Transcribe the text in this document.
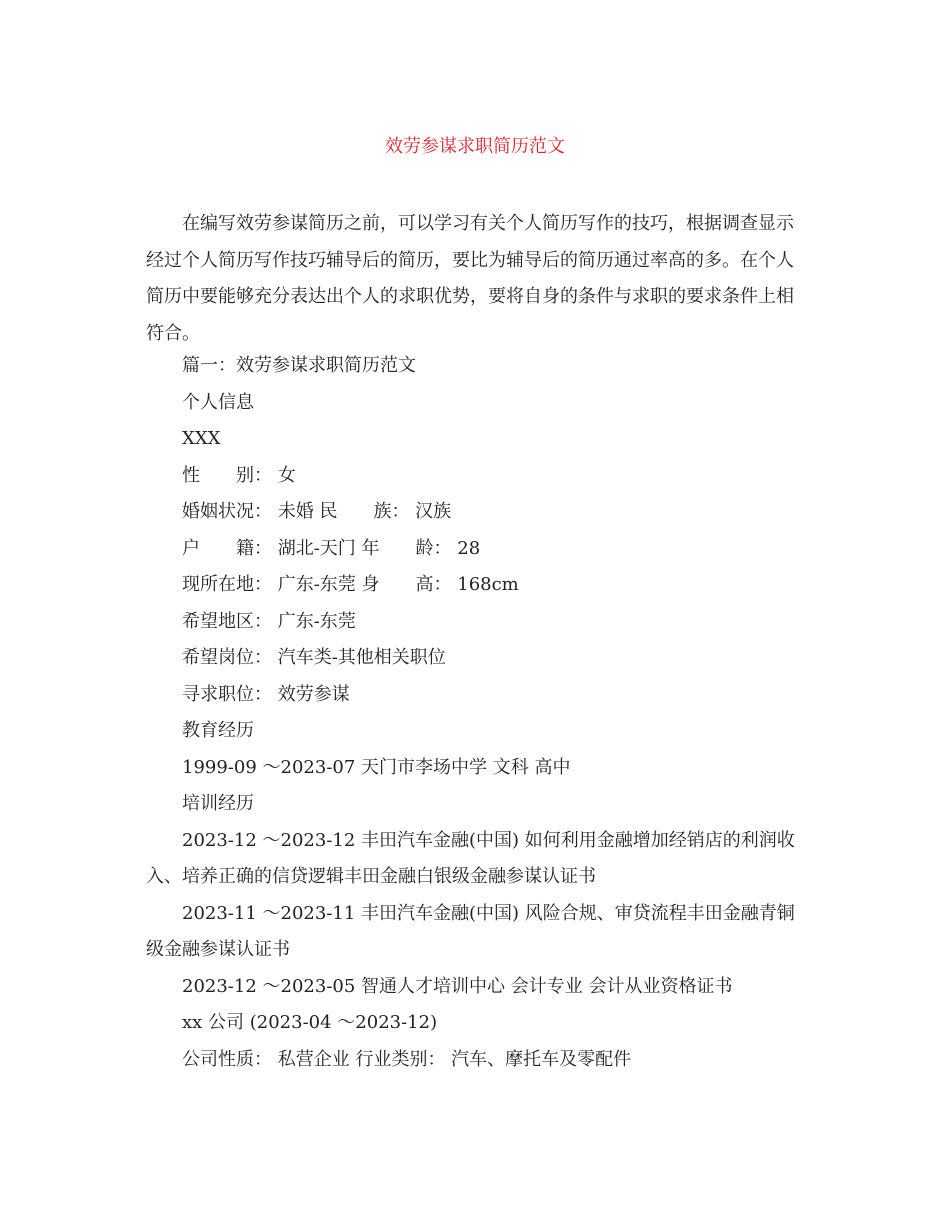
效劳参谋求职简历范文

在编写效劳参谋简历之前，可以学习有关个人简历写作的技巧，根据调查显示经过个人简历写作技巧辅导后的简历，要比为辅导后的简历通过率高的多。在个人简历中要能够充分表达出个人的求职优势，要将自身的条件与求职的要求条件上相符合。

篇一：效劳参谋求职简历范文
个人信息
XXX
性　　别： 女
婚姻状况： 未婚 民　　族： 汉族
户　　籍： 湖北-天门 年　　龄： 28
现所在地： 广东-东莞 身　　高： 168cm
希望地区： 广东-东莞
希望岗位： 汽车类-其他相关职位
寻求职位： 效劳参谋
教育经历
1999-09 ～2023-07 天门市李场中学 文科 高中
培训经历

2023-12 ～2023-12 丰田汽车金融(中国) 如何利用金融增加经销店的利润收入、培养正确的信贷逻辑丰田金融白银级金融参谋认证书

2023-11 ～2023-11 丰田汽车金融(中国) 风险合规、审贷流程丰田金融青铜级金融参谋认证书

2023-12 ～2023-05 智通人才培训中心 会计专业 会计从业资格证书
xx 公司 (2023-04 ～2023-12)
公司性质： 私营企业 行业类别： 汽车、摩托车及零配件
